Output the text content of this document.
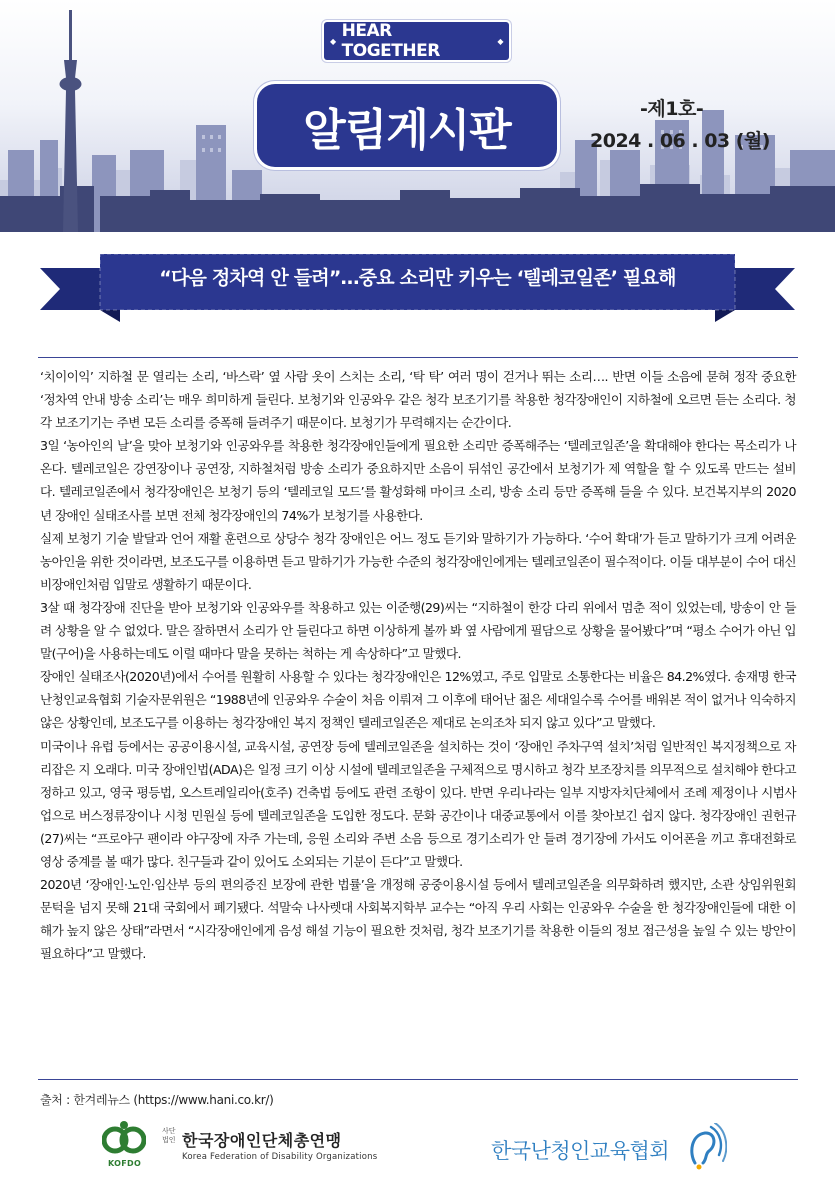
◆ HEAR TOGETHER	◆
알림게시판	-제1호-
2024 . 06 . 03 (월)
“다음 정차역 안 들려”…중요 소리만 키우는 ‘텔레코일존’ 필요해

‘치이이익’ 지하철 문 열리는 소리, ‘바스락’ 옆 사람 옷이 스치는 소리, ‘탁 탁’ 여러 명이 걷거나 뛰는 소리…. 반면 이들 소음에 묻혀 정작 중요한 ‘정차역 안내 방송 소리’는 매우 희미하게 들린다. 보청기와 인공와우 같은 청각 보조기기를 착용한 청각장애인이 지하철에 오르면 듣는 소리다. 청각 보조기기는 주변 모든 소리를 증폭해 들려주기 때문이다. 보청기가 무력해지는 순간이다.

3일 ‘농아인의 날’을 맞아 보청기와 인공와우를 착용한 청각장애인들에게 필요한 소리만 증폭해주는 ‘텔레코일존’을 확대해야 한다는 목소리가 나온다. 텔레코일은 강연장이나 공연장, 지하철처럼 방송 소리가 중요하지만 소음이 뒤섞인 공간에서 보청기가 제 역할을 할 수 있도록 만드는 설비다. 텔레코일존에서 청각장애인은 보청기 등의 ‘텔레코일 모드’를 활성화해 마이크 소리, 방송 소리 등만 증폭해 들을 수 있다. 보건복지부의 2020년 장애인 실태조사를 보면 전체 청각장애인의 74%가 보청기를 사용한다.

실제 보청기 기술 발달과 언어 재활 훈련으로 상당수 청각 장애인은 어느 정도 듣기와 말하기가 가능하다. ‘수어 확대’가 듣고 말하기가 크게 어려운 농아인을 위한 것이라면, 보조도구를 이용하면 듣고 말하기가 가능한 수준의 청각장애인에게는 텔레코일존이 필수적이다. 이들 대부분이 수어 대신 비장애인처럼 입말로 생활하기 때문이다.

3살 때 청각장애 진단을 받아 보청기와 인공와우를 착용하고 있는 이준행(29)씨는 “지하철이 한강 다리 위에서 멈춘 적이 있었는데, 방송이 안 들려 상황을 알 수 없었다. 말은 잘하면서 소리가 안 들린다고 하면 이상하게 볼까 봐 옆 사람에게 필담으로 상황을 물어봤다”며 “평소 수어가 아닌 입말(구어)을 사용하는데도 이럴 때마다 말을 못하는 척하는 게 속상하다”고 말했다.

장애인 실태조사(2020년)에서 수어를 원활히 사용할 수 있다는 청각장애인은 12%였고, 주로 입말로 소통한다는 비율은 84.2%였다. 송재명 한국난청인교육협회 기술자문위원은 “1988년에 인공와우 수술이 처음 이뤄져 그 이후에 태어난 젊은 세대일수록 수어를 배워본 적이 없거나 익숙하지 않은 상황인데, 보조도구를 이용하는 청각장애인 복지 정책인 텔레코일존은 제대로 논의조차 되지 않고 있다”고 말했다.

미국이나 유럽 등에서는 공공이용시설, 교육시설, 공연장 등에 텔레코일존을 설치하는 것이 ‘장애인 주차구역 설치’처럼 일반적인 복지정책으로 자리잡은 지 오래다. 미국 장애인법(ADA)은 일정 크기 이상 시설에 텔레코일존을 구체적으로 명시하고 청각 보조장치를 의무적으로 설치해야 한다고 정하고 있고, 영국 평등법, 오스트레일리아(호주) 건축법 등에도 관련 조항이 있다. 반면 우리나라는 일부 지방자치단체에서 조례 제정이나 시범사업으로 버스정류장이나 시청 민원실 등에 텔레코일존을 도입한 정도다. 문화 공간이나 대중교통에서 이를 찾아보긴 쉽지 않다. 청각장애인 권헌규(27)씨는 “프로야구 팬이라 야구장에 자주 가는데, 응원 소리와 주변 소음 등으로 경기소리가 안 들려 경기장에 가서도 이어폰을 끼고 휴대전화로 영상 중계를 볼 때가 많다. 친구들과 같이 있어도 소외되는 기분이 든다”고 말했다.

2020년 ‘장애인·노인·임산부 등의 편의증진 보장에 관한 법률’을 개정해 공중이용시설 등에서 텔레코일존을 의무화하려 했지만, 소관 상임위원회 문턱을 넘지 못해 21대 국회에서 폐기됐다. 석말숙 나사렛대 사회복지학부 교수는 “아직 우리 사회는 인공와우 수술을 한 청각장애인들에 대한 이해가 높지 않은 상태”라면서 “시각장애인에게 음성 해설 기능이 필요한 것처럼, 청각 보조기기를 착용한 이들의 정보 접근성을 높일 수 있는 방안이 필요하다”고 말했다.

출처 : 한겨레뉴스 (https://www.hani.co.kr/)
KOFDO
사단법인 한국장애인단체총연맹
Korea Federation of Disability Organizations	한국난청인교육협회
